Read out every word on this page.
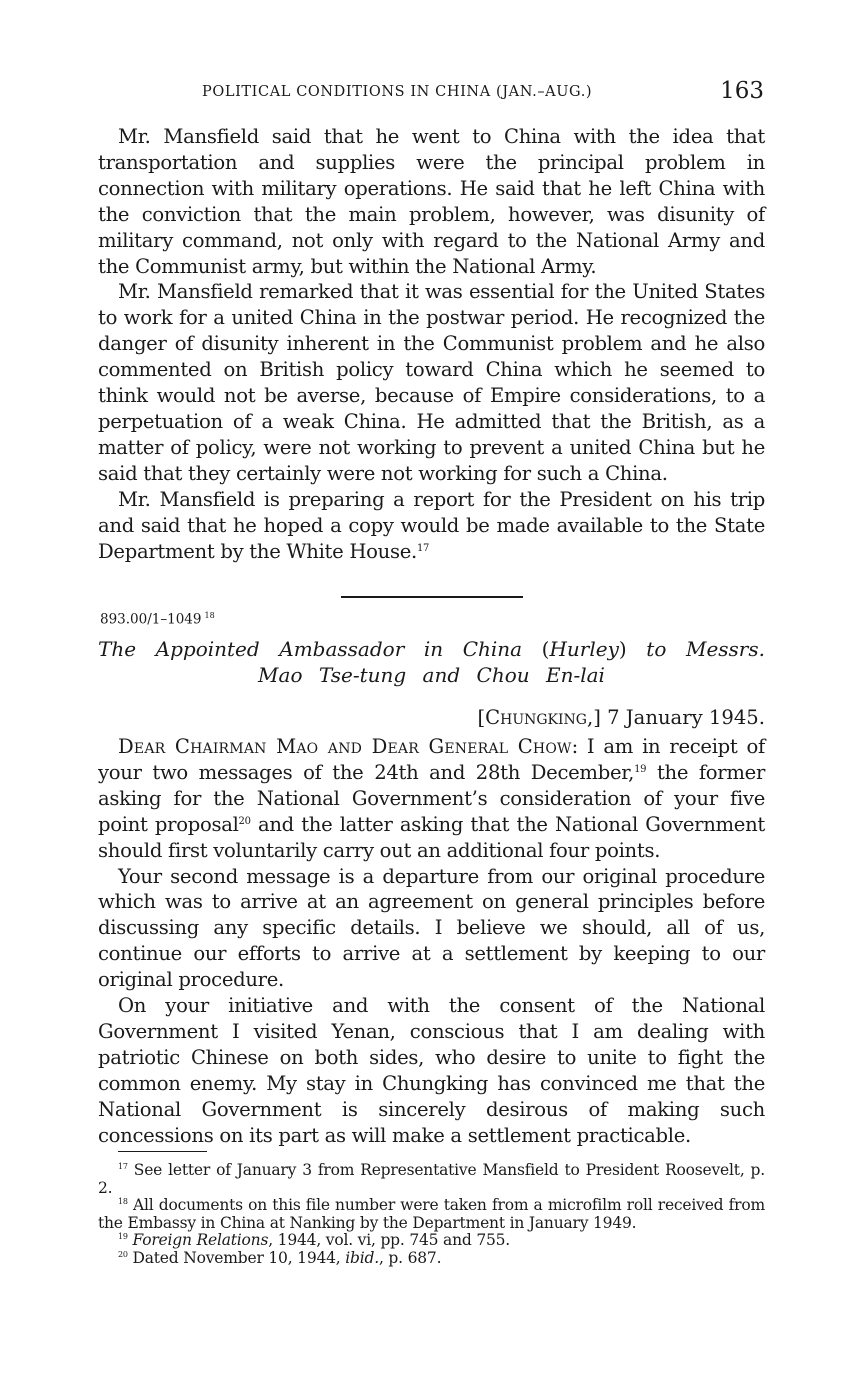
POLITICAL CONDITIONS IN CHINA (JAN.–AUG.)	163

Mr. Mansfield said that he went to China with the idea that transportation and supplies were the principal problem in connection with military operations. He said that he left China with the conviction that the main problem, however, was disunity of military command, not only with regard to the National Army and the Communist army, but within the National Army.

Mr. Mansfield remarked that it was essential for the United States to work for a united China in the postwar period. He recognized the danger of disunity inherent in the Communist problem and he also commented on British policy toward China which he seemed to think would not be averse, because of Empire considerations, to a perpetuation of a weak China. He admitted that the British, as a matter of policy, were not working to prevent a united China but he said that they certainly were not working for such a China.

Mr. Mansfield is preparing a report for the President on his trip and said that he hoped a copy would be made available to the State Department by the White House.$^{17}$

893.00/1–1049 $^{18}$
The Appointed Ambassador in China (Hurley) to Messrs. Mao Tse-tung and Chou En-lai
[Chungking,] 7 January 1945.

Dear Chairman Mao and Dear General Chow: I am in receipt of your two messages of the 24th and 28th December,$^{19}$ the former asking for the National Government’s consideration of your five point proposal$^{20}$ and the latter asking that the National Government should first voluntarily carry out an additional four points.

Your second message is a departure from our original procedure which was to arrive at an agreement on general principles before discussing any specific details. I believe we should, all of us, continue our efforts to arrive at a settlement by keeping to our original procedure.

On your initiative and with the consent of the National Government I visited Yenan, conscious that I am dealing with patriotic Chinese on both sides, who desire to unite to fight the common enemy. My stay in Chungking has convinced me that the National Government is sincerely desirous of making such concessions on its part as will make a settlement practicable.

$^{17}$ See letter of January 3 from Representative Mansfield to President Roosevelt, p. 2.

$^{18}$ All documents on this file number were taken from a microfilm roll received from the Embassy in China at Nanking by the Department in January 1949.

$^{19}$ Foreign Relations, 1944, vol. vi, pp. 745 and 755.

$^{20}$ Dated November 10, 1944, ibid., p. 687.
